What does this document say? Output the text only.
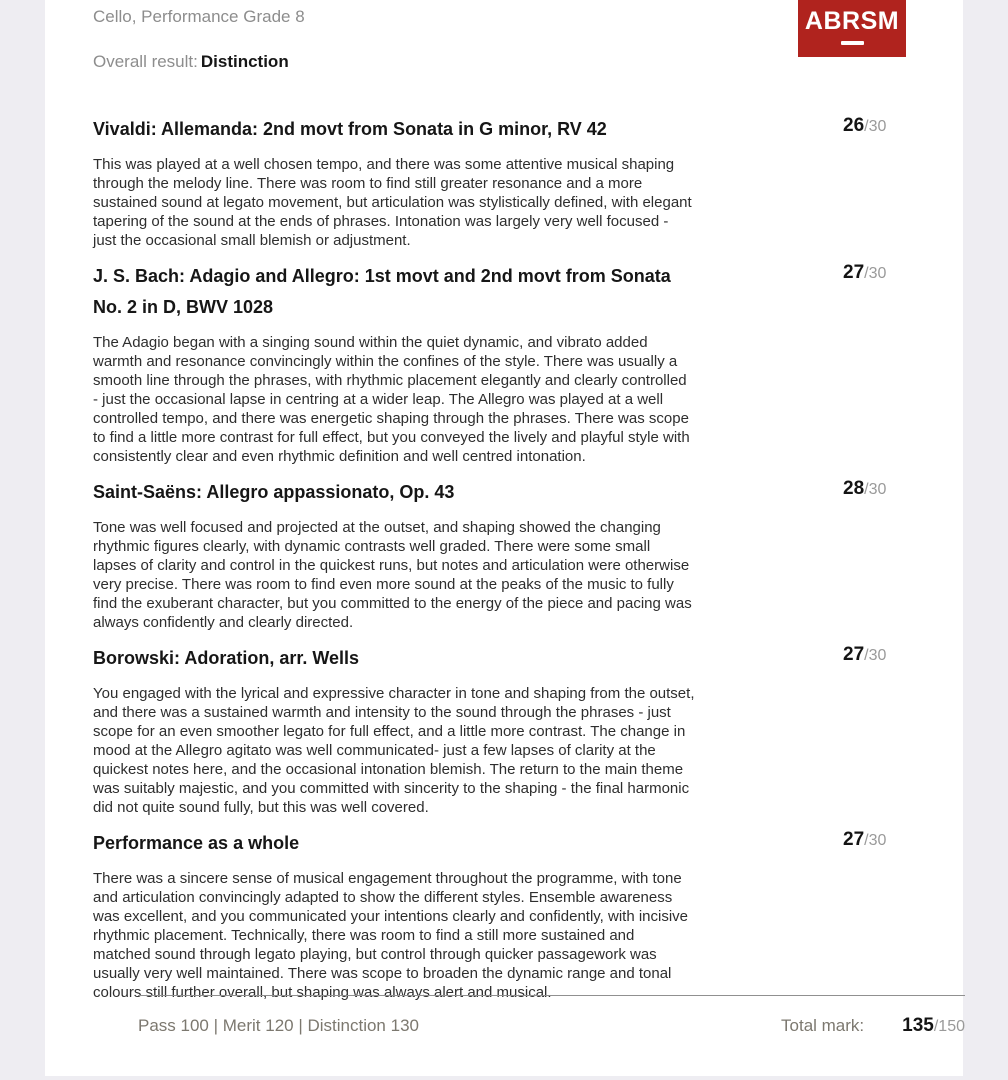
Cello, Performance Grade 8	ABRSM
Overall result: Distinction
Vivaldi: Allemanda: 2nd movt from Sonata in G minor, RV 42	26/30

This was played at a well chosen tempo, and there was some attentive musical shaping through the melody line. There was room to find still greater resonance and a more sustained sound at legato movement, but articulation was stylistically defined, with elegant tapering of the sound at the ends of phrases. Intonation was largely very well focused - just the occasional small blemish or adjustment.

J. S. Bach: Adagio and Allegro: 1st movt and 2nd movt from Sonata No. 2 in D, BWV 1028
27/30

The Adagio began with a singing sound within the quiet dynamic, and vibrato added warmth and resonance convincingly within the confines of the style. There was usually a smooth line through the phrases, with rhythmic placement elegantly and clearly controlled - just the occasional lapse in centring at a wider leap. The Allegro was played at a well controlled tempo, and there was energetic shaping through the phrases. There was scope to find a little more contrast for full effect, but you conveyed the lively and playful style with consistently clear and even rhythmic definition and well centred intonation.

Saint-Saëns: Allegro appassionato, Op. 43	28/30

Tone was well focused and projected at the outset, and shaping showed the changing rhythmic figures clearly, with dynamic contrasts well graded. There were some small lapses of clarity and control in the quickest runs, but notes and articulation were otherwise very precise. There was room to find even more sound at the peaks of the music to fully find the exuberant character, but you committed to the energy of the piece and pacing was always confidently and clearly directed.

Borowski: Adoration, arr. Wells	27/30

You engaged with the lyrical and expressive character in tone and shaping from the outset, and there was a sustained warmth and intensity to the sound through the phrases - just scope for an even smoother legato for full effect, and a little more contrast. The change in mood at the Allegro agitato was well communicated- just a few lapses of clarity at the quickest notes here, and the occasional intonation blemish. The return to the main theme was suitably majestic, and you committed with sincerity to the shaping - the final harmonic did not quite sound fully, but this was well covered.

Performance as a whole	27/30

There was a sincere sense of musical engagement throughout the programme, with tone and articulation convincingly adapted to show the different styles. Ensemble awareness was excellent, and you communicated your intentions clearly and confidently, with incisive rhythmic placement. Technically, there was room to find a still more sustained and matched sound through legato playing, but control through quicker passagework was usually very well maintained. There was scope to broaden the dynamic range and tonal colours still further overall, but shaping was always alert and musical.

Pass 100 | Merit 120 | Distinction 130	Total mark: 135/150
